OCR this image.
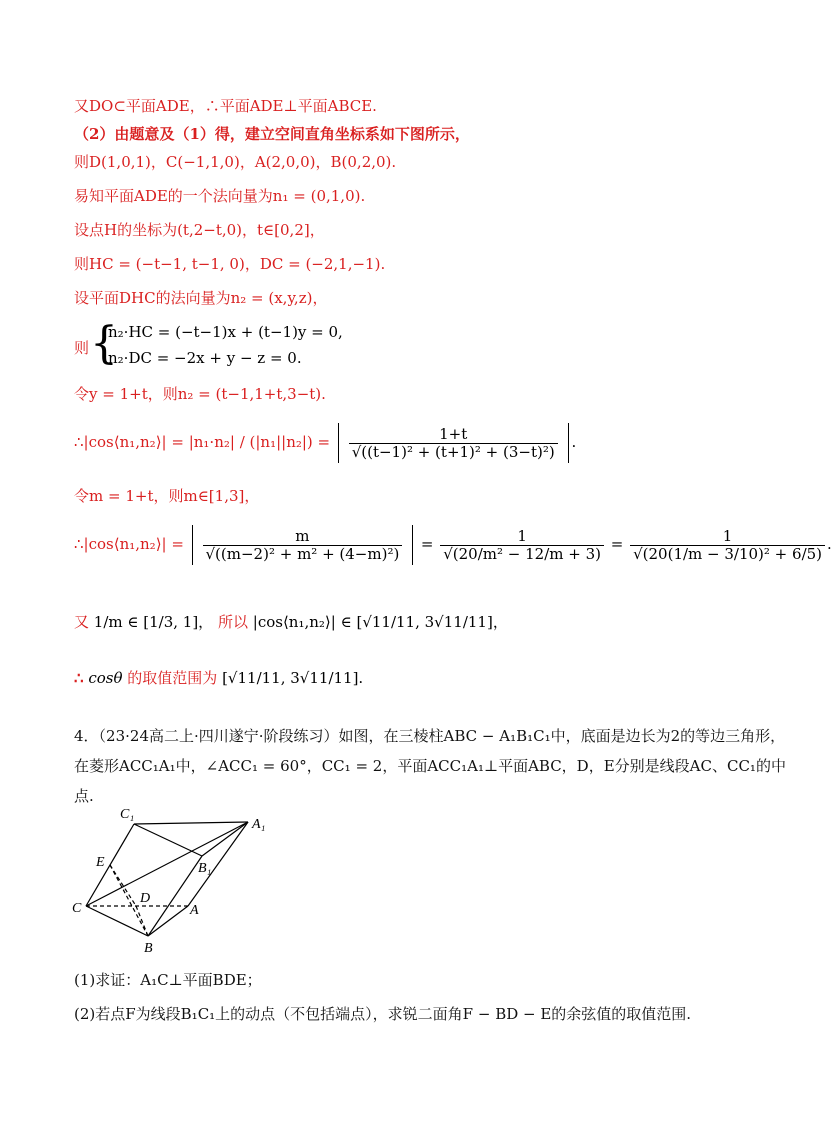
又DO⊂平面ADE，∴平面ADE⊥平面ABCE.
（2）由题意及（1）得，建立空间直角坐标系如下图所示，
则D(1,0,1)，C(−1,1,0)，A(2,0,0)，B(0,2,0).
易知平面ADE的一个法向量为n₁ = (0,1,0).
设点H的坐标为(t,2−t,0)，t∈[0,2]，
则HC = (−t−1, t−1, 0)，DC = (−2,1,−1).
设平面DHC的法向量为n₂ = (x,y,z)，
则 {
n₂·HC = (−t−1)x + (t−1)y = 0,
n₂·DC = −2x + y − z = 0.
令y = 1+t，则n₂ = (t−1,1+t,3−t).
∴|cos⟨n₁,n₂⟩| = $|n_1\cdot n_2| / (|n_1||n_2|) = \frac{1+t}{\text{√((t−1)² + (t+1)² + (3−t)²)}}$ .
令m = 1+t，则m∈[1,3]，
∴|cos⟨n₁,n₂⟩| = $\frac{m}{\text{√((m−2)² + m² + (4−m)²)}} = \frac{1}{\text{√(20/m² − 12/m + 3)}} = \frac{1}{\text{√(20(1/m − 3/10)² + 6/5)}}$ .
又 1/m ∈ [1/3, 1]， 所以 |cos⟨n₁,n₂⟩| ∈ [√11/11, 3√11/11]，
∴ cosθ 的取值范围为 [√11/11, 3√11/11].
4．（23·24高二上·四川遂宁·阶段练习）如图，在三棱柱ABC − A₁B₁C₁中，底面是边长为2的等边三角形，
在菱形ACC₁A₁中，∠ACC₁ = 60°，CC₁ = 2，平面ACC₁A₁⊥平面ABC，D，E分别是线段AC、CC₁的中
点.
C₁
A₁
B₁
E
D
C	A
B
(1)求证：A₁C⊥平面BDE；
(2)若点F为线段B₁C₁上的动点（不包括端点），求锐二面角F − BD − E的余弦值的取值范围.
